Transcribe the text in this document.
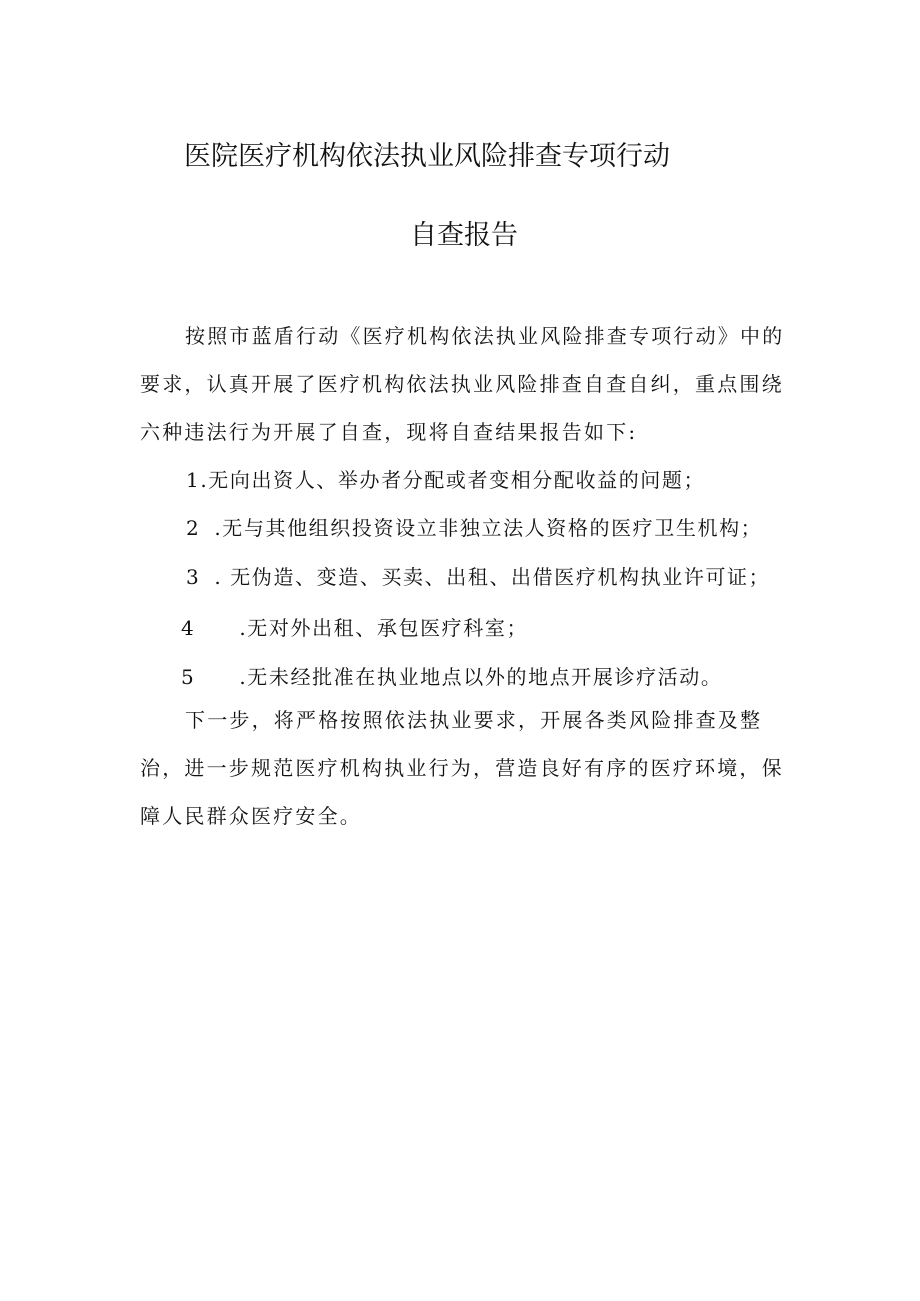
医院医疗机构依法执业风险排查专项行动
自查报告

按照市蓝盾行动《医疗机构依法执业风险排查专项行动》中的要求，认真开展了医疗机构依法执业风险排查自查自纠，重点围绕六种违法行为开展了自查，现将自查结果报告如下:

1.无向出资人、举办者分配或者变相分配收益的问题；
2 .无与其他组织投资设立非独立法人资格的医疗卫生机构；
3 . 无伪造、变造、买卖、出租、出借医疗机构执业许可证；
4 .无对外出租、承包医疗科室；
5 .无未经批准在执业地点以外的地点开展诊疗活动。

下一步，将严格按照依法执业要求，开展各类风险排查及整治，进一步规范医疗机构执业行为，营造良好有序的医疗环境，保障人民群众医疗安全。
